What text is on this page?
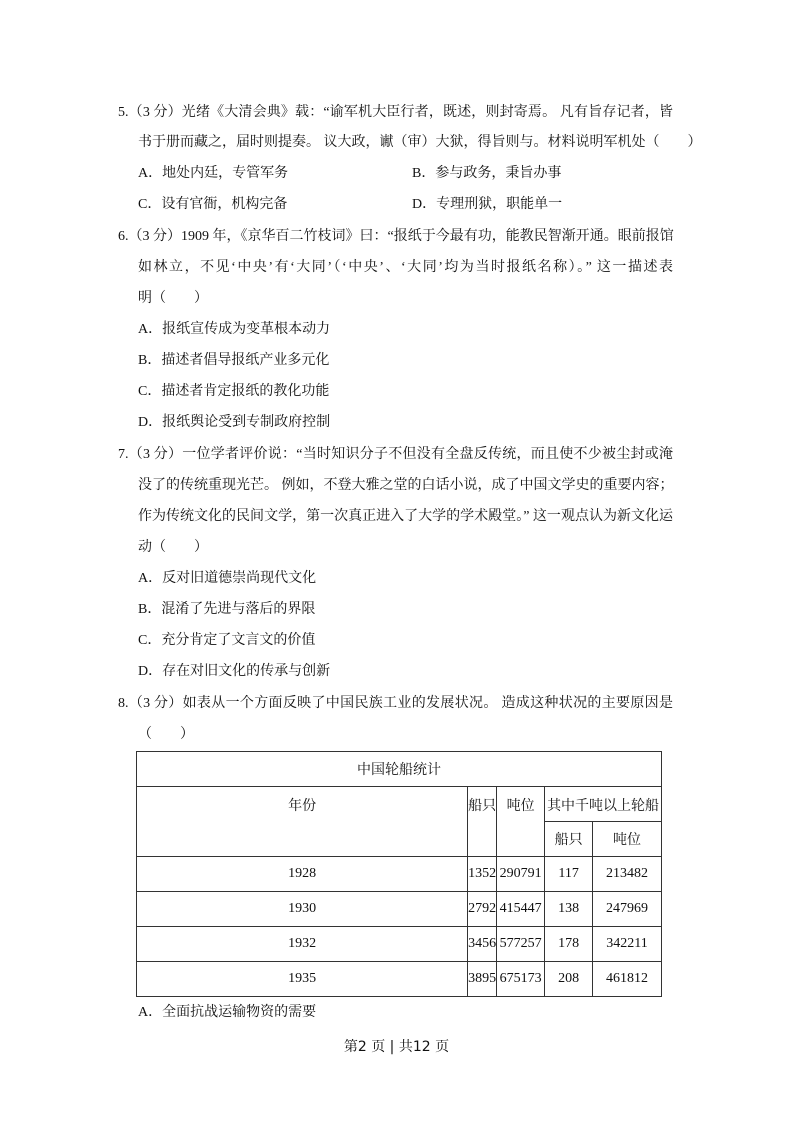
5.（3 分）光绪《大清会典》载：“谕军机大臣行者，既述，则封寄焉。 凡有旨存记者，皆
书于册而藏之，届时则提奏。 议大政，谳（审）大狱，得旨则与。材料说明军机处（　　）
A．地处内廷，专管军务	B．参与政务，秉旨办事
C．设有官衙，机构完备	D．专理刑狱，职能单一
6.（3 分）1909 年，《京华百二竹枝词》曰：“报纸于今最有功，能教民智渐开通。眼前报馆
如林立，不见‘中央’有‘大同’（‘中央’、‘大同’均为当时报纸名称）。” 这一描述表
明（　　）
A．报纸宣传成为变革根本动力
B．描述者倡导报纸产业多元化
C．描述者肯定报纸的教化功能
D．报纸舆论受到专制政府控制
7.（3 分）一位学者评价说：“当时知识分子不但没有全盘反传统，而且使不少被尘封或淹
没了的传统重现光芒。 例如，不登大雅之堂的白话小说，成了中国文学史的重要内容；
作为传统文化的民间文学，第一次真正进入了大学的学术殿堂。” 这一观点认为新文化运
动（　　）
A．反对旧道德崇尚现代文化
B．混淆了先进与落后的界限
C．充分肯定了文言文的价值
D．存在对旧文化的传承与创新
8.（3 分）如表从一个方面反映了中国民族工业的发展状况。 造成这种状况的主要原因是
（　　）
中国轮船统计				
年份	船只	吨位	其中千吨以上轮船	
			船只	吨位
1928	1352	290791	117	213482
1930	2792	415447	138	247969
1932	3456	577257	178	342211
1935	3895	675173	208	461812
A．全面抗战运输物资的需要
第2 页 | 共12 页
